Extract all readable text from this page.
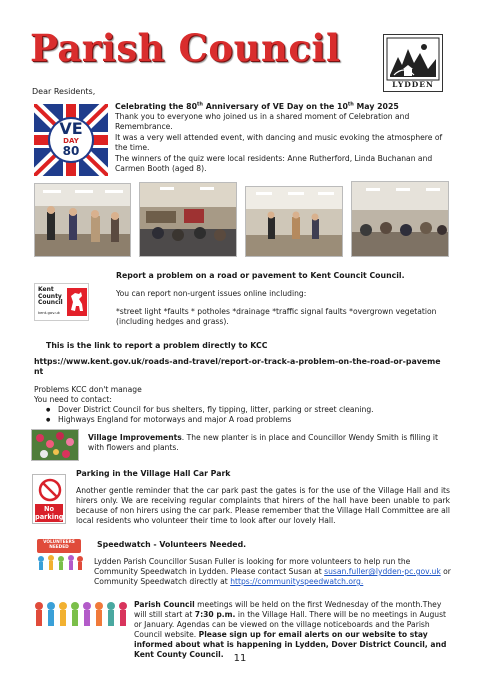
Parish Council
LYDDEN
Dear Residents,
VE
DAY
80
Celebrating the 80th Anniversary of VE Day on the 10th May 2025
Thank you to everyone who joined us in a shared moment of Celebration and Remembrance.
It was a very well attended event, with dancing and music evoking the atmosphere of the time.
The winners of the quiz were local residents: Anne Rutherford, Linda Buchanan and Carmen Booth (aged 8).
Kent
County
Council
kent.gov.uk
Report a problem on a road or pavement to Kent Councit Council.
You can report non-urgent issues online including:
*street light *faults * potholes *drainage *traffic signal faults *overgrown vegetation (including hedges and grass).
This is the link to report a problem directly to KCC
https://www.kent.gov.uk/roads-and-travel/report-or-track-a-problem-on-the-road-or-pavement
Problems KCC don't manage
You need to contact:
● Dover District Council for bus shelters, fly tipping, litter, parking or street cleaning.
● Highways England for motorways and major A road problems
Village Improvements. The new planter is in place and Councillor Wendy Smith is filling it with flowers and plants.
No parking
Parking in the Village Hall Car Park
Another gentle reminder that the car park past the gates is for the use of the Village Hall and its hirers only. We are receiving regular complaints that hirers of the hall have been unable to park because of non hirers using the car park. Please remember that the Village Hall Committee are all local residents who volunteer their time to look after our lovely Hall.
VOLUNTEERS NEEDED	Speedwatch - Volunteers Needed.
Lydden Parish Councillor Susan Fuller is looking for more volunteers to help run the Community Speedwatch in Lydden. Please contact Susan at susan.fuller@lydden-pc.gov.uk or Community Speedwatch directly at https://communityspeedwatch.org.
Parish Council meetings will be held on the first Wednesday of the month.They will still start at 7:30 p.m. in the Village Hall. There will be no meetings in August or January. Agendas can be viewed on the village noticeboards and the Parish Council website. Please sign up for email alerts on our website to stay informed about what is happening in Lydden, Dover District Council, and Kent County Council.	11
